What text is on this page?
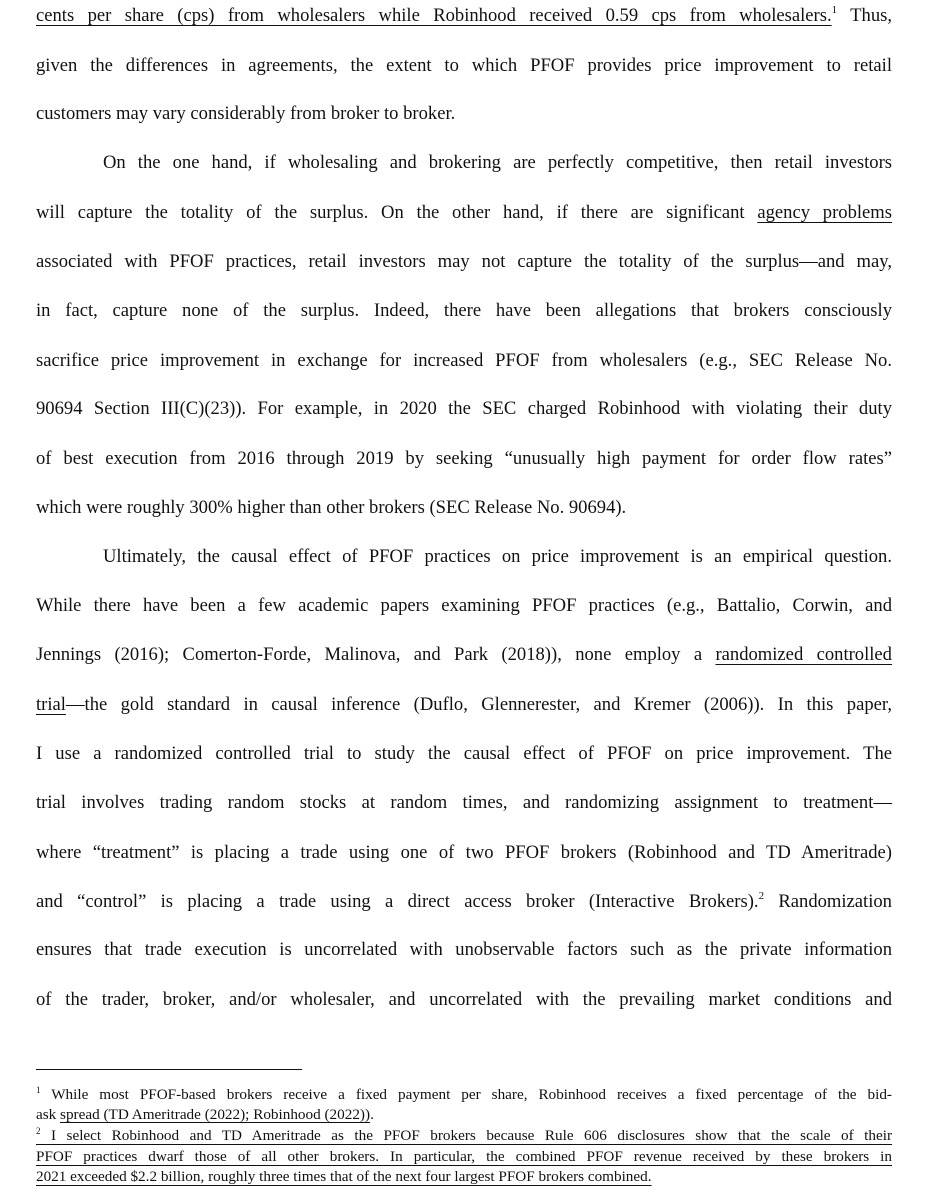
cents per share (cps) from wholesalers while Robinhood received 0.59 cps from wholesalers.$^1$ Thus,
given the differences in agreements, the extent to which PFOF provides price improvement to retail
customers may vary considerably from broker to broker.
On the one hand, if wholesaling and brokering are perfectly competitive, then retail investors
will capture the totality of the surplus. On the other hand, if there are significant agency problems
associated with PFOF practices, retail investors may not capture the totality of the surplus—and may,
in fact, capture none of the surplus. Indeed, there have been allegations that brokers consciously
sacrifice price improvement in exchange for increased PFOF from wholesalers (e.g., SEC Release No.
90694 Section III(C)(23)). For example, in 2020 the SEC charged Robinhood with violating their duty
of best execution from 2016 through 2019 by seeking “unusually high payment for order flow rates”
which were roughly 300% higher than other brokers (SEC Release No. 90694).
Ultimately, the causal effect of PFOF practices on price improvement is an empirical question.
While there have been a few academic papers examining PFOF practices (e.g., Battalio, Corwin, and
Jennings (2016); Comerton-Forde, Malinova, and Park (2018)), none employ a randomized controlled
trial—the gold standard in causal inference (Duflo, Glennerester, and Kremer (2006)). In this paper,
I use a randomized controlled trial to study the causal effect of PFOF on price improvement. The
trial involves trading random stocks at random times, and randomizing assignment to treatment—
where “treatment” is placing a trade using one of two PFOF brokers (Robinhood and TD Ameritrade)
and “control” is placing a trade using a direct access broker (Interactive Brokers).$^2$ Randomization
ensures that trade execution is uncorrelated with unobservable factors such as the private information
of the trader, broker, and/or wholesaler, and uncorrelated with the prevailing market conditions and
$^1$ While most PFOF-based brokers receive a fixed payment per share, Robinhood receives a fixed percentage of the bid-
ask spread (TD Ameritrade (2022); Robinhood (2022)).
$^2$ I select Robinhood and TD Ameritrade as the PFOF brokers because Rule 606 disclosures show that the scale of their
PFOF practices dwarf those of all other brokers. In particular, the combined PFOF revenue received by these brokers in
2021 exceeded $2.2 billion, roughly three times that of the next four largest PFOF brokers combined.
